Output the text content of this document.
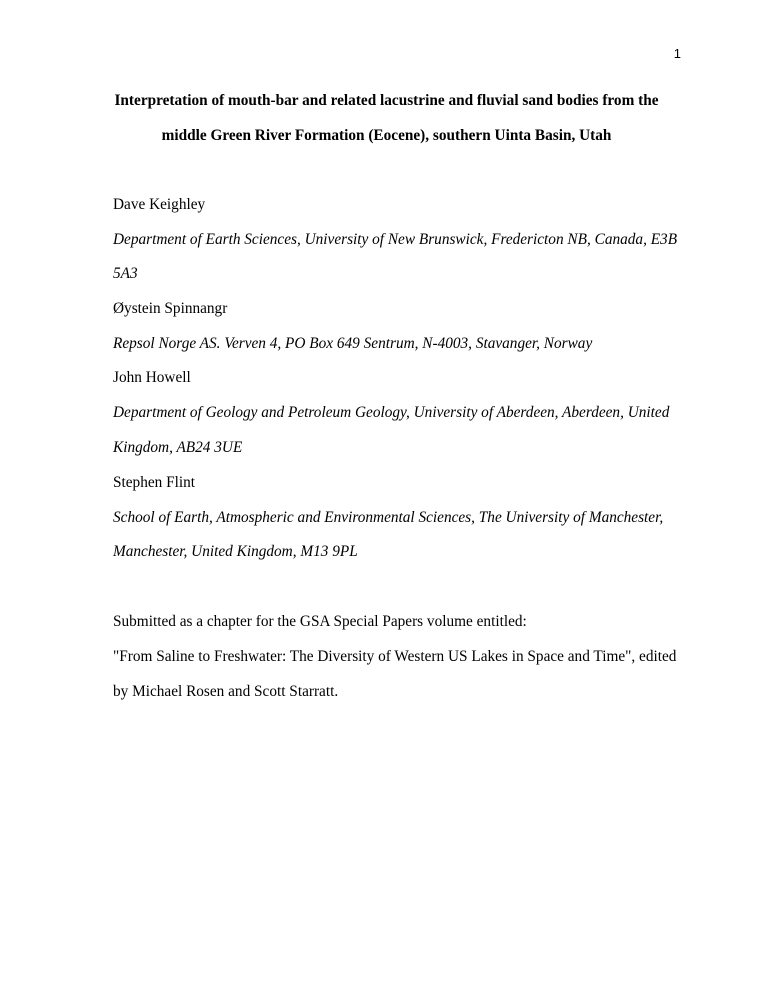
1
Interpretation of mouth-bar and related lacustrine and fluvial sand bodies from the
middle Green River Formation (Eocene), southern Uinta Basin, Utah
Dave Keighley
Department of Earth Sciences, University of New Brunswick, Fredericton NB, Canada, E3B
5A3
Øystein Spinnangr
Repsol Norge AS. Verven 4, PO Box 649 Sentrum, N-4003, Stavanger, Norway
John Howell
Department of Geology and Petroleum Geology, University of Aberdeen, Aberdeen, United
Kingdom, AB24 3UE
Stephen Flint
School of Earth, Atmospheric and Environmental Sciences, The University of Manchester,
Manchester, United Kingdom, M13 9PL
Submitted as a chapter for the GSA Special Papers volume entitled:
"From Saline to Freshwater: The Diversity of Western US Lakes in Space and Time", edited
by Michael Rosen and Scott Starratt.
